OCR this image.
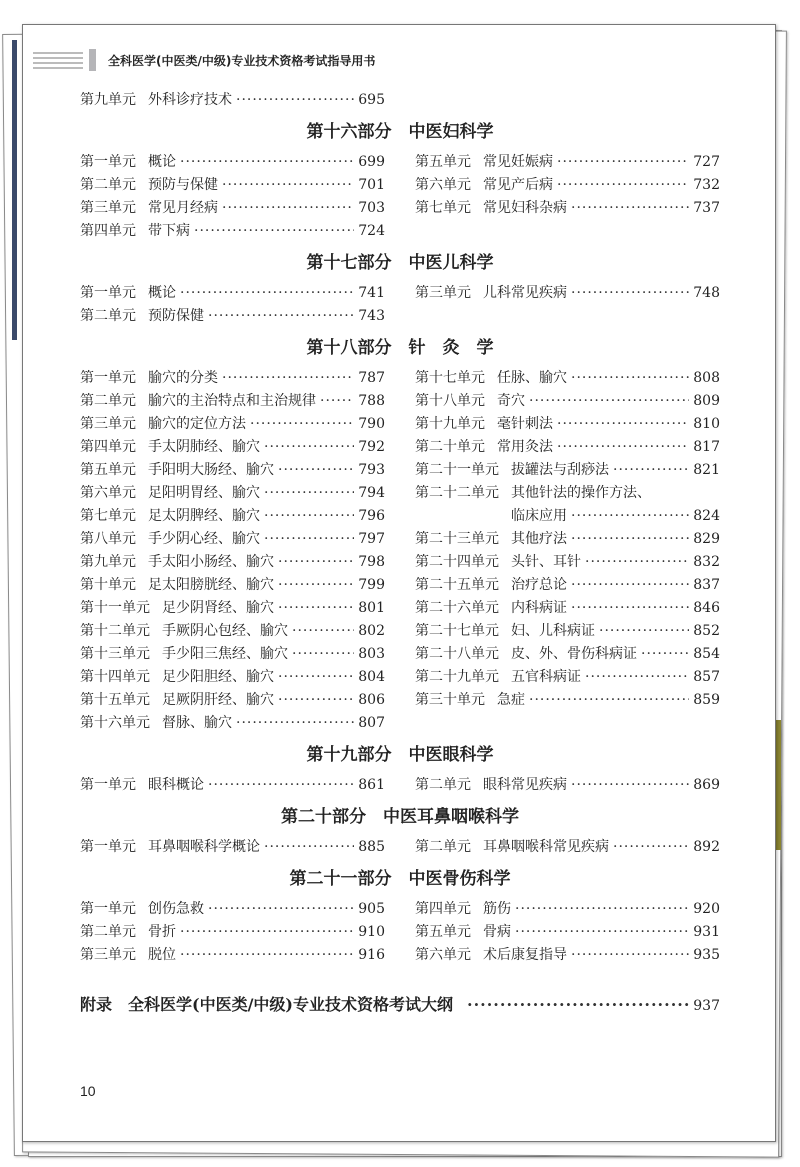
全科医学(中医类/中级)专业技术资格考试指导用书
第九单元 外科诊疗技术 ·····	695
第十六部分　中医妇科学
第一单元 概论 ·····	699
第二单元 预防与保健 ·····	701
第三单元 常见月经病 ·····	703
第四单元 带下病 ·····	724
第五单元 常见妊娠病 ·····	727
第六单元 常见产后病 ·····	732
第七单元 常见妇科杂病 ·····	737
第十七部分　中医儿科学
第一单元 概论 ·····	741
第二单元 预防保健 ·····	743
第三单元 儿科常见疾病 ·····	748
第十八部分　针　灸　学
第一单元 腧穴的分类 ·····	787
第二单元 腧穴的主治特点和主治规律 ·····	788
第三单元 腧穴的定位方法 ·····	790
第四单元 手太阴肺经、腧穴 ·····	792
第五单元 手阳明大肠经、腧穴 ·····	793
第六单元 足阳明胃经、腧穴 ·····	794
第七单元 足太阴脾经、腧穴 ·····	796
第八单元 手少阴心经、腧穴 ·····	797
第九单元 手太阳小肠经、腧穴 ·····	798
第十单元 足太阳膀胱经、腧穴 ·····	799
第十一单元 足少阴肾经、腧穴 ·····	801
第十二单元 手厥阴心包经、腧穴 ·····	802
第十三单元 手少阳三焦经、腧穴 ·····	803
第十四单元 足少阳胆经、腧穴 ·····	804
第十五单元 足厥阴肝经、腧穴 ·····	806
第十六单元 督脉、腧穴 ·····	807
第十七单元 任脉、腧穴 ·····	808
第十八单元 奇穴 ·····	809
第十九单元 毫针刺法 ·····	810
第二十单元 常用灸法 ·····	817
第二十一单元 拔罐法与刮痧法 ·····	821
第二十二单元 其他针法的操作方法、
临床应用 ·····	824
第二十三单元 其他疗法 ·····	829
第二十四单元 头针、耳针 ·····	832
第二十五单元 治疗总论 ·····	837
第二十六单元 内科病证 ·····	846
第二十七单元 妇、儿科病证 ·····	852
第二十八单元 皮、外、骨伤科病证 ·····	854
第二十九单元 五官科病证 ·····	857
第三十单元 急症 ·····	859
第十九部分　中医眼科学
第一单元 眼科概论 ·····	861 第二单元 眼科常见疾病 ·····	869
第二十部分　中医耳鼻咽喉科学
第一单元 耳鼻咽喉科学概论 ·····	885 第二单元 耳鼻咽喉科常见疾病 ·····	892
第二十一部分　中医骨伤科学
第一单元 创伤急救 ·····	905
第二单元 骨折 ·····	910
第三单元 脱位 ·····	916
第四单元 筋伤 ·····	920
第五单元 骨病 ·····	931
第六单元 术后康复指导 ·····	935
附录 全科医学(中医类/中级)专业技术资格考试大纲 ·····	937
10
